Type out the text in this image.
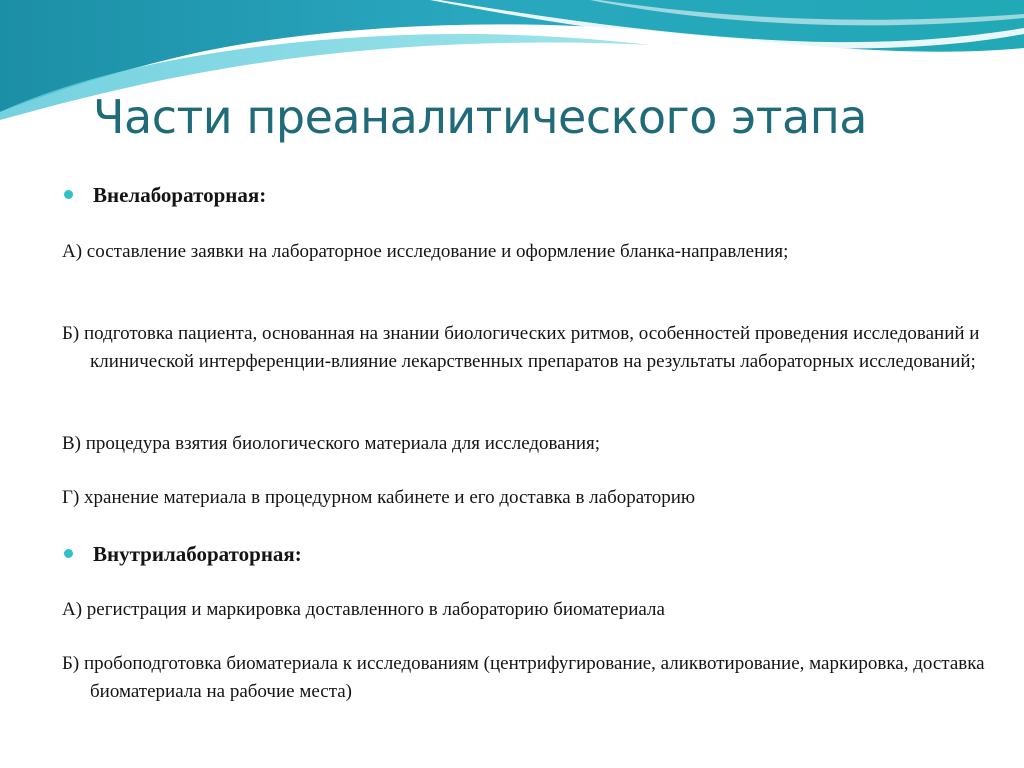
Части преаналитического этапа
Внелабораторная:

А) составление заявки на лабораторное исследование и оформление бланка-направления;

Б) подготовка пациента, основанная на знании биологических ритмов, особенностей проведения исследований и клинической интерференции-влияние лекарственных препаратов на результаты лабораторных исследований;

В) процедура взятия биологического материала для исследования;

Г) хранение материала в процедурном кабинете и его доставка в лабораторию

Внутрилабораторная:

А) регистрация и маркировка доставленного в лабораторию биоматериала

Б) пробоподготовка биоматериала к исследованиям (центрифугирование, аликвотирование, маркировка, доставка биоматериала на рабочие места)
